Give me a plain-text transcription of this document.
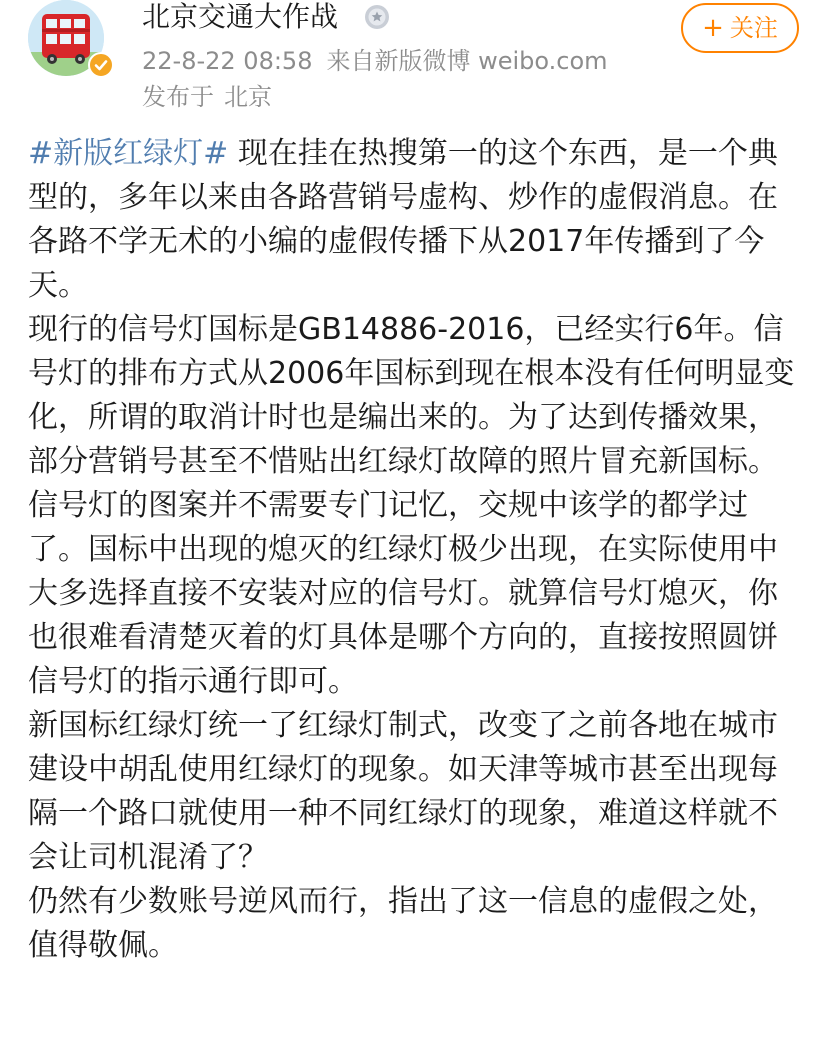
北京交通大作战
22-8-22 08:58 来自新版微博 weibo.com
发布于 北京
+ 关注

#新版红绿灯# 现在挂在热搜第一的这个东西，是一个典型的，多年以来由各路营销号虚构、炒作的虚假消息。在各路不学无术的小编的虚假传播下从2017年传播到了今天。

现行的信号灯国标是GB14886-2016，已经实行6年。信号灯的排布方式从2006年国标到现在根本没有任何明显变化，所谓的取消计时也是编出来的。为了达到传播效果，部分营销号甚至不惜贴出红绿灯故障的照片冒充新国标。

信号灯的图案并不需要专门记忆，交规中该学的都学过了。国标中出现的熄灭的红绿灯极少出现，在实际使用中大多选择直接不安装对应的信号灯。就算信号灯熄灭，你也很难看清楚灭着的灯具体是哪个方向的，直接按照圆饼信号灯的指示通行即可。

新国标红绿灯统一了红绿灯制式，改变了之前各地在城市建设中胡乱使用红绿灯的现象。如天津等城市甚至出现每隔一个路口就使用一种不同红绿灯的现象，难道这样就不会让司机混淆了？

仍然有少数账号逆风而行，指出了这一信息的虚假之处，值得敬佩。
